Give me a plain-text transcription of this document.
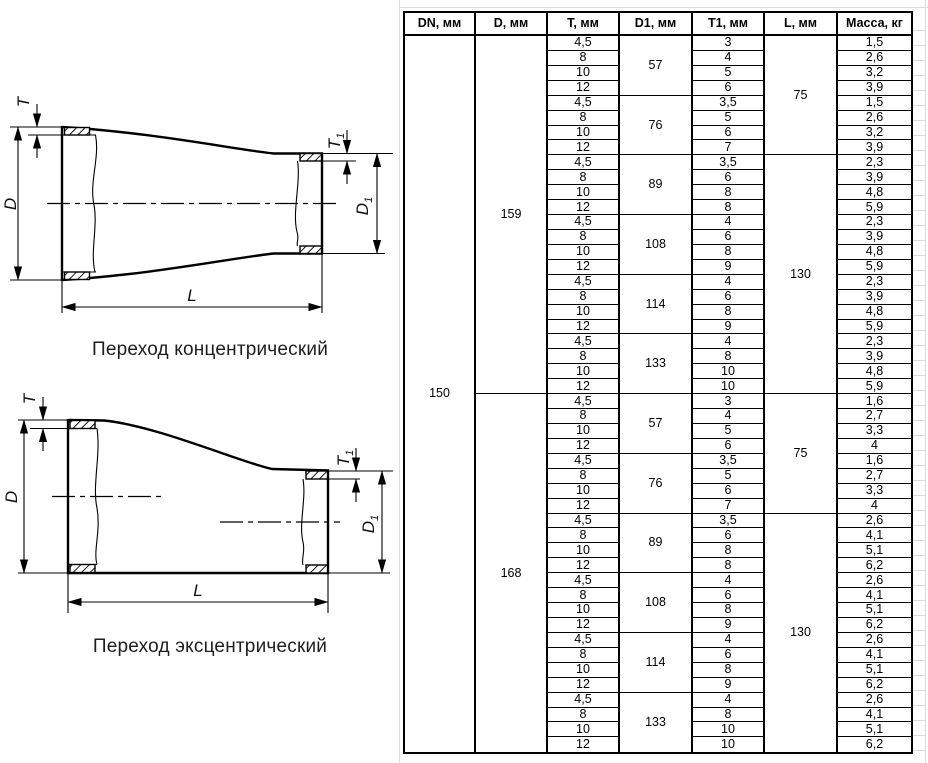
D
T
$T_1$
$D_1$
L
D
T
$T_1$
$D_1$
L
Переход концентрический
Переход эксцентрический
DN, мм	D, мм	T, мм	D1, мм	T1, мм	L, мм	Масса, кг
150	159	4,5	57	3	75	1,5
		8		4		2,6
		10		5		3,2
		12		6		3,9
		4,5	76	3,5		1,5
		8		5		2,6
		10		6		3,2
		12		7		3,9
		4,5	89	3,5	130	2,3
		8		6		3,9
		10		8		4,8
		12		8		5,9
		4,5	108	4		2,3
		8		6		3,9
		10		8		4,8
		12		9		5,9
		4,5	114	4		2,3
		8		6		3,9
		10		8		4,8
		12		9		5,9
		4,5	133	4		2,3
		8		8		3,9
		10		10		4,8
		12		10		5,9
	168	4,5	57	3	75	1,6
		8		4		2,7
		10		5		3,3
		12		6		4
		4,5	76	3,5		1,6
		8		5		2,7
		10		6		3,3
		12		7		4
		4,5	89	3,5	130	2,6
		8		6		4,1
		10		8		5,1
		12		8		6,2
		4,5	108	4		2,6
		8		6		4,1
		10		8		5,1
		12		9		6,2
		4,5	114	4		2,6
		8		6		4,1
		10		8		5,1
		12		9		6,2
		4,5	133	4		2,6
		8		8		4,1
		10		10		5,1
		12		10		6,2
